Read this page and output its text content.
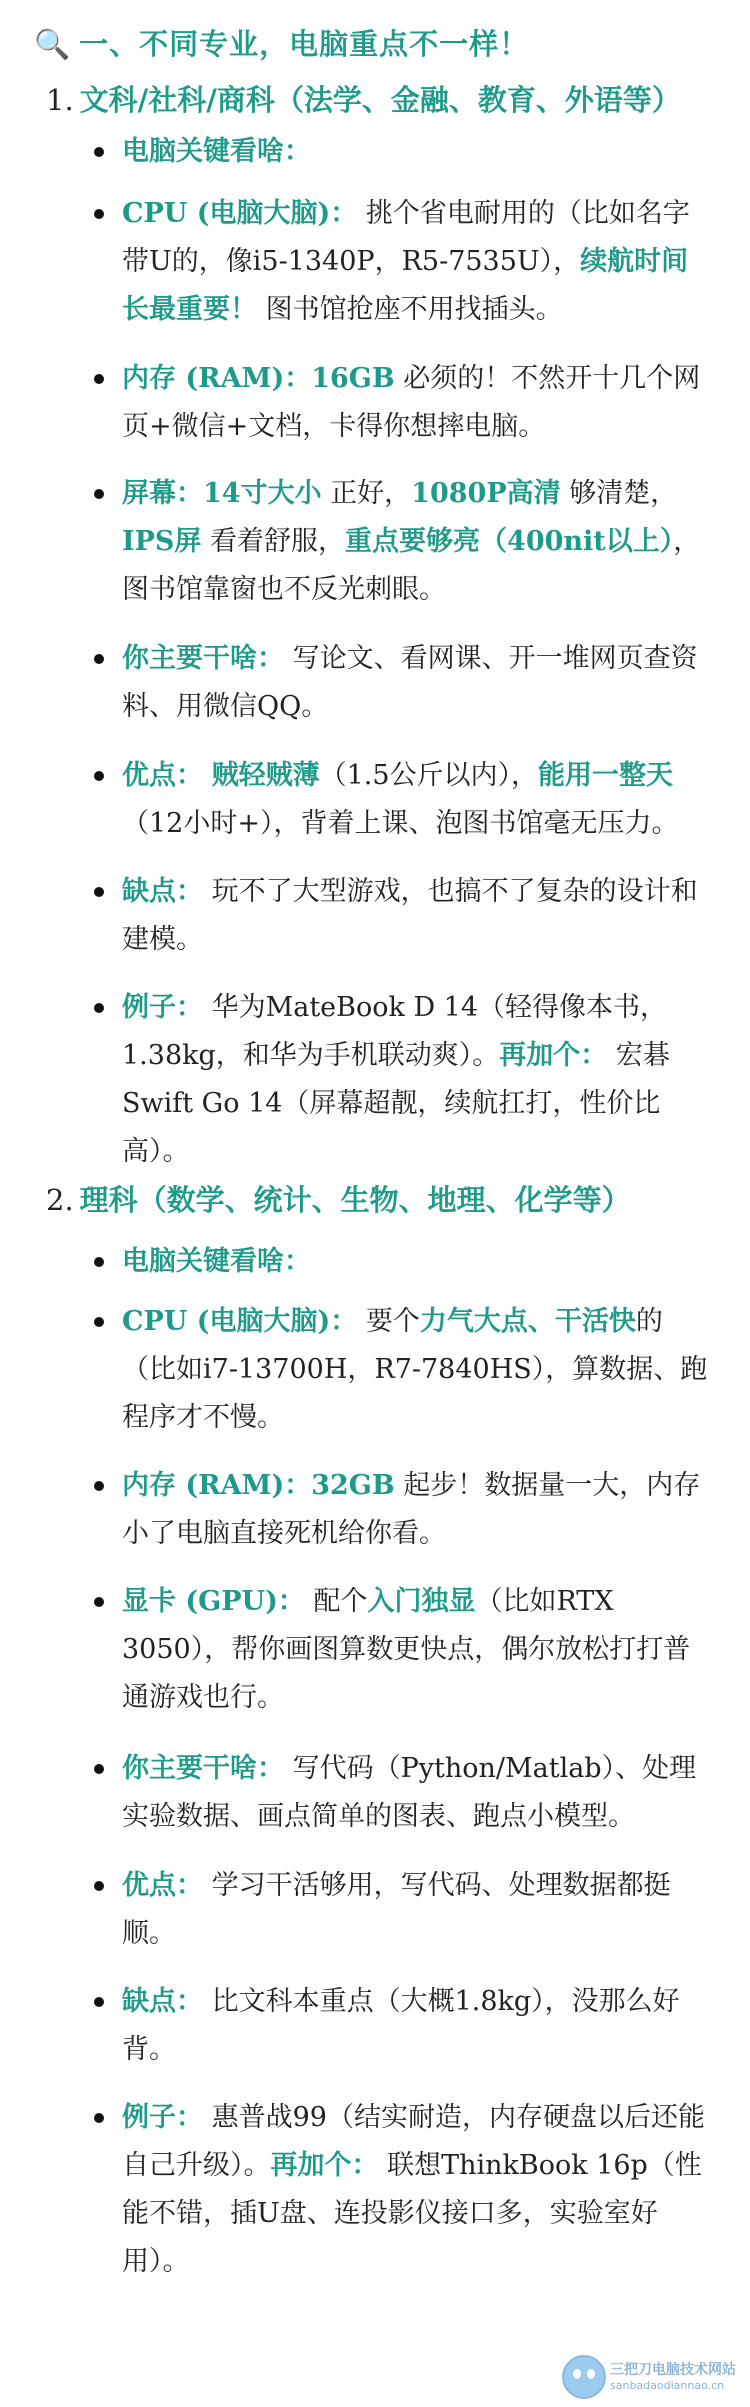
🔍 一、不同专业，电脑重点不一样！
1. 文科/社科/商科（法学、金融、教育、外语等）
电脑关键看啥：
CPU (电脑大脑)： 挑个省电耐用的（比如名字带U的，像i5-1340P，R5-7535U），续航时间长最重要！ 图书馆抢座不用找插头。
内存 (RAM)：16GB 必须的！不然开十几个网页+微信+文档，卡得你想摔电脑。
屏幕：14寸大小 正好，1080P高清 够清楚，IPS屏 看着舒服，重点要够亮（400nit以上），图书馆靠窗也不反光刺眼。
你主要干啥： 写论文、看网课、开一堆网页查资料、用微信QQ。
优点： 贼轻贼薄（1.5公斤以内），能用一整天（12小时+），背着上课、泡图书馆毫无压力。
缺点： 玩不了大型游戏，也搞不了复杂的设计和建模。
例子： 华为MateBook D 14（轻得像本书，1.38kg，和华为手机联动爽）。再加个： 宏碁Swift Go 14（屏幕超靓，续航扛打，性价比高）。
2. 理科（数学、统计、生物、地理、化学等）
电脑关键看啥：
CPU (电脑大脑)： 要个力气大点、干活快的（比如i7-13700H，R7-7840HS），算数据、跑程序才不慢。
内存 (RAM)：32GB 起步！数据量一大，内存小了电脑直接死机给你看。
显卡 (GPU)： 配个入门独显（比如RTX 3050），帮你画图算数更快点，偶尔放松打打普通游戏也行。
你主要干啥： 写代码（Python/Matlab）、处理实验数据、画点简单的图表、跑点小模型。
优点： 学习干活够用，写代码、处理数据都挺顺。
缺点： 比文科本重点（大概1.8kg），没那么好背。
例子： 惠普战99（结实耐造，内存硬盘以后还能自己升级）。再加个： 联想ThinkBook 16p（性能不错，插U盘、连投影仪接口多，实验室好用）。
三把刀电脑技术网站
sanbadaodiannao.cn
